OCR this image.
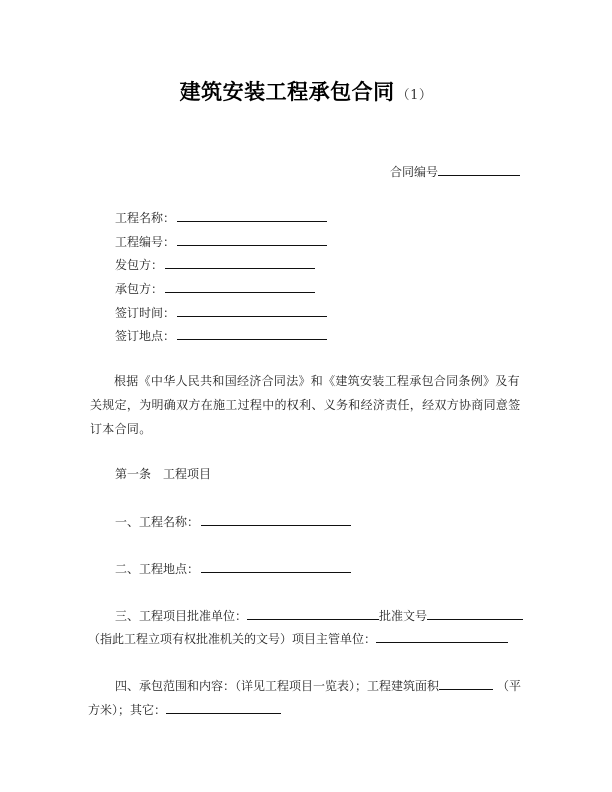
建筑安装工程承包合同 （1）
合同编号
工程名称：
工程编号：
发包方：
承包方：
签订时间：
签订地点：
根据《中华人民共和国经济合同法》和《建筑安装工程承包合同条例》及有关规定，为明确双方在施工过程中的权利、义务和经济责任，经双方协商同意签订本合同。
第一条　工程项目
一、工程名称：
二、工程地点：
三、工程项目批准单位：	批准文号
（指此工程立项有权批准机关的文号）项目主管单位：
四、承包范围和内容：（详见工程项目一览表）；工程建筑面积	（平
方米）；其它：
